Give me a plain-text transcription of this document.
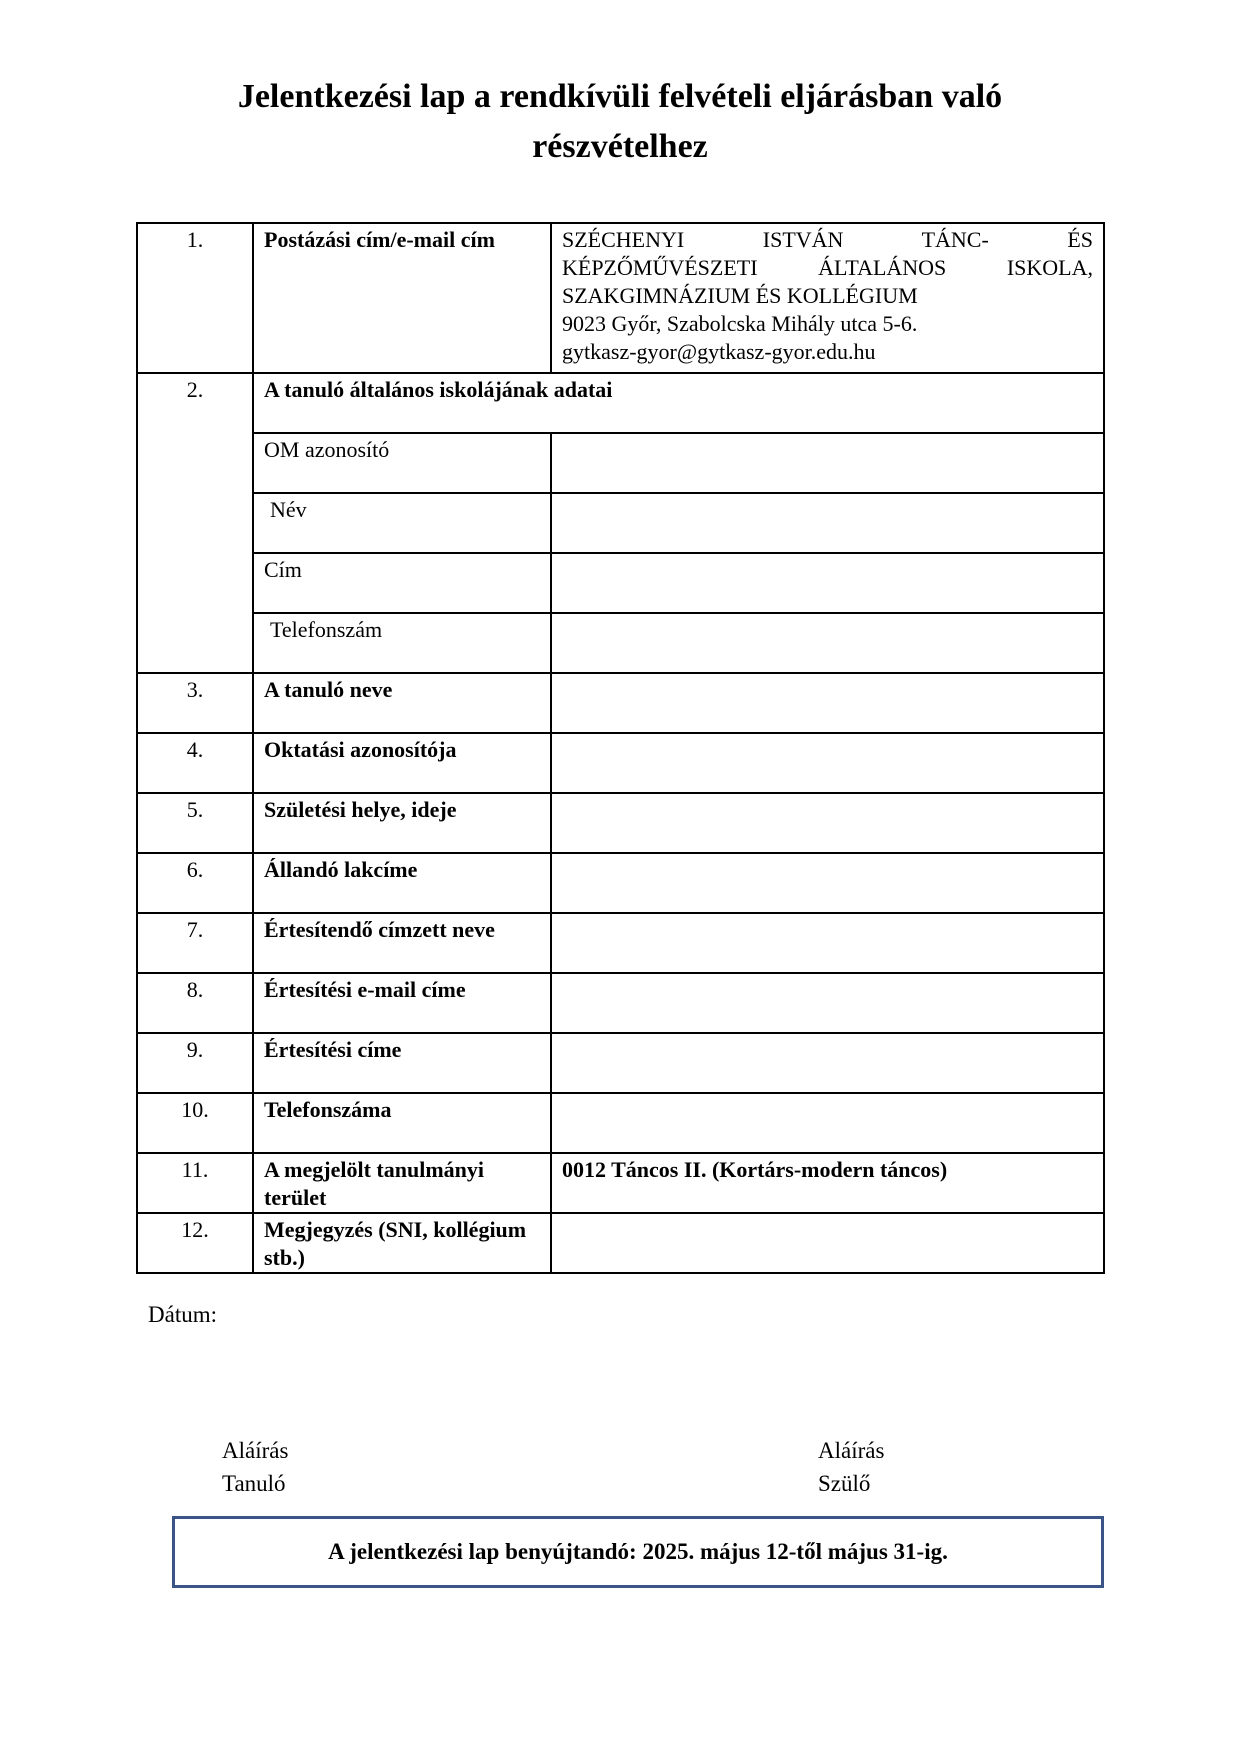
Jelentkezési lap a rendkívüli felvételi eljárásban való
részvételhez
1.	Postázási cím/e-mail cím	SZÉCHENYI ISTVÁN TÁNC- ÉS
KÉPZŐMŰVÉSZETI ÁLTALÁNOS ISKOLA,
SZAKGIMNÁZIUM ÉS KOLLÉGIUM
9023 Győr, Szabolcska Mihály utca 5-6.
gytkasz-gyor@gytkasz-gyor.edu.hu

2.	A tanuló általános iskolájának adatai	
	OM azonosító	
	Név	
	Cím	
	Telefonszám	
3.	A tanuló neve	
4.	Oktatási azonosítója	
5.	Születési helye, ideje	
6.	Állandó lakcíme	
7.	Értesítendő címzett neve	
8.	Értesítési e-mail címe	
9.	Értesítési címe	
10.	Telefonszáma	
11.	A megjelölt tanulmányi terület	0012 Táncos II. (Kortárs-modern táncos)
12.	Megjegyzés (SNI, kollégium stb.)	
Dátum:
Aláírás
Tanuló
Aláírás
Szülő
A jelentkezési lap benyújtandó: 2025. május 12-től május 31-ig.
